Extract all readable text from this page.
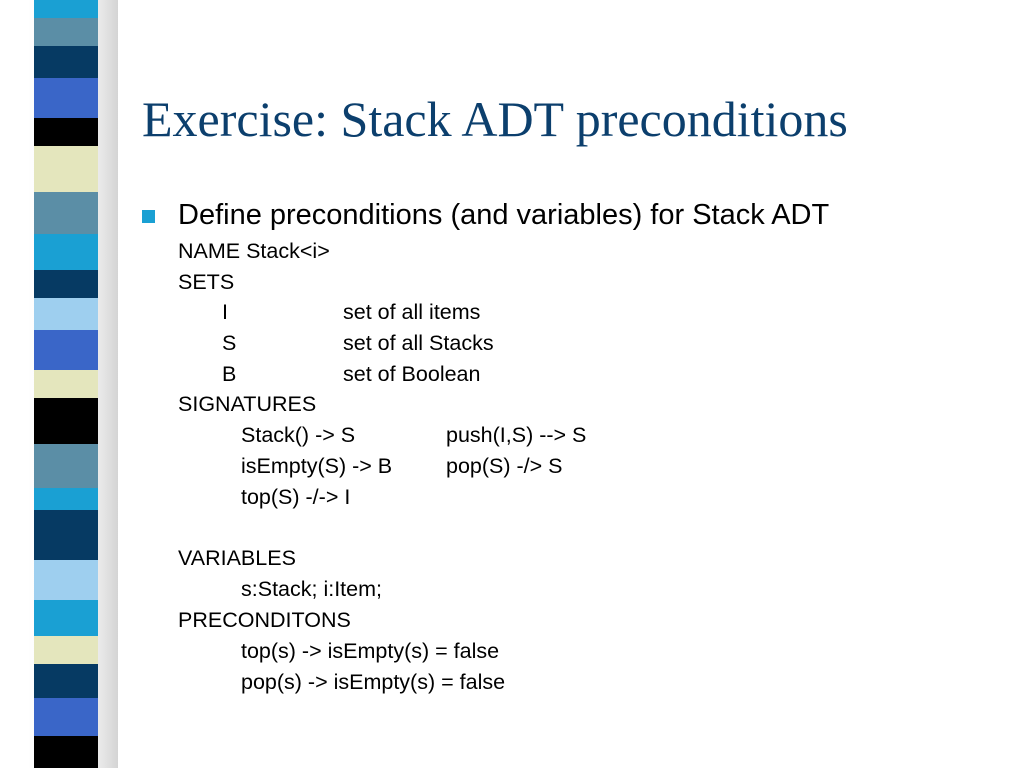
Exercise: Stack ADT preconditions

Define preconditions (and variables) for Stack ADT

NAME Stack<i>

SETS

I	set of all items

S	set of all Stacks

B	set of Boolean

SIGNATURES

Stack() -> S	push(I,S) --> S

isEmpty(S) -> B	pop(S) -/> S

top(S) -/-> I

VARIABLES

s:Stack; i:Item;

PRECONDITONS

top(s) -> isEmpty(s) = false

pop(s) -> isEmpty(s) = false
